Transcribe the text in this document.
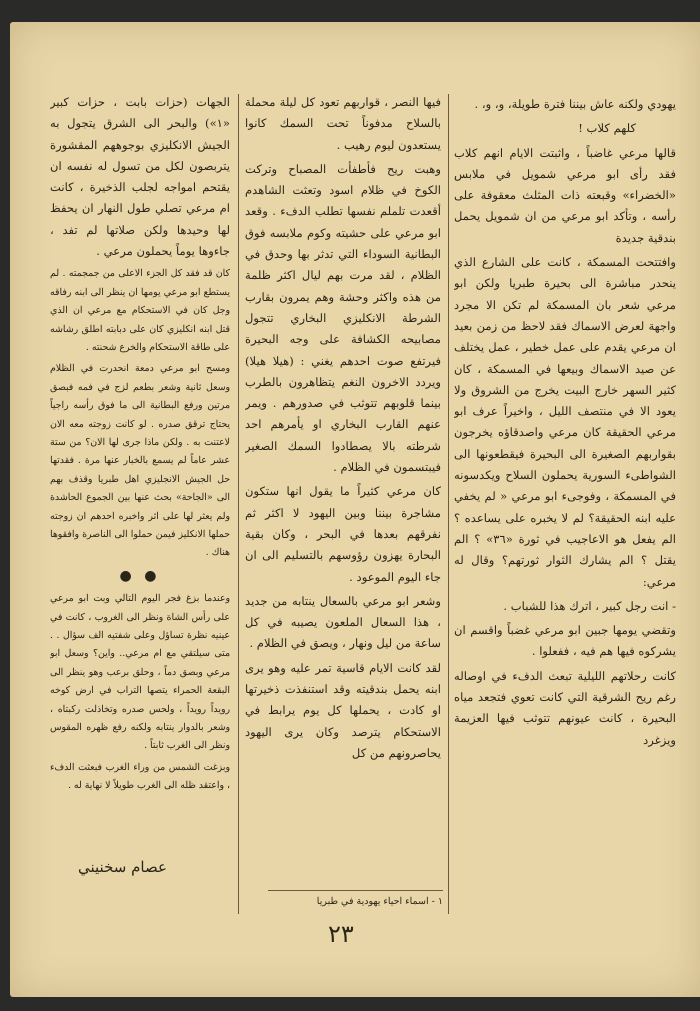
يهودي ولكنه عاش بيننا فترة طويلة، و، و، .

كلهم كلاب !

قالها مرعي غاضباً ، واثبتت الايام انهم كلاب فقد رأى ابو مرعي شمويل في ملابس «الخضراء» وقبعته ذات المثلث معقوفة على رأسه ، وتأكد ابو مرعي من ان شمويل يحمل بندقية جديدة

وافتتحت المسمكة ، كانت على الشارع الذي ينحدر مباشرة الى بحيرة طبريا ولكن ابو مرعي شعر بان المسمكة لم تكن الا مجرد واجهة لعرض الاسماك فقد لاحظ من زمن بعيد ان مرعي يقدم على عمل خطير ، عمل يختلف عن صيد الاسماك وبيعها في المسمكة ، كان كثير السهر خارج البيت يخرج من الشروق ولا يعود الا في منتصف الليل ، واخيراً عرف ابو مرعي الحقيقة كان مرعي واصدقاؤه يخرجون بقواربهم الصغيرة الى البحيرة فيقطعونها الى الشواطىء السورية يحملون السلاح ويكدسونه في المسمكة ، وفوجىء ابو مرعي « لم يخفي عليه ابنه الحقيقة؟ لم لا يخبره على يساعده ؟ الم يفعل هو الاعاجيب في ثورة «٣٦» ؟ الم يقتل ؟ الم يشارك الثوار ثورتهم؟ وقال له مرعي:

- انت رجل كبير ، اترك هذا للشباب .

وتقضي يومها جبين ابو مرعي غضباً واقسم ان يشركوه فيها هم فيه ، ففعلوا .

كانت رحلاتهم الليلية تبعث الدفء في اوصاله رغم ريح الشرقية التي كانت تعوي فتجعد مياه البحيرة ، كانت عيونهم تتوثب فيها العزيمة ويزغرد

فيها النصر ، قواربهم تعود كل ليلة محملة بالسلاح مدفوناً تحت السمك كانوا يستعدون ليوم رهيب .

وهبت ريح فأطفأت المصباح وتركت الكوخ في ظلام اسود وتعثت الشاهدم أقعدت تلملم نفسها تطلب الدفء . وقعد ابو مرعي على حشيته وكوم ملابسه فوق البطانية السوداء التي تدثر بها وحدق في الظلام ، لقد مرت بهم ليال اكثر ظلمة من هذه واكثر وحشة وهم يمرون بقارب الشرطة الانكليزي البخاري تتجول مصابيحه الكشافة على وجه البحيرة فيرتفع صوت احدهم يغني : (هيلا هيلا) ويردد الاخرون النغم يتظاهرون بالطرب بينما قلوبهم تتوثب في صدورهم . ويمر عنهم القارب البخاري او يأمرهم احد شرطته بالا يصطادوا السمك الصغير فيبتسمون في الظلام .

كان مرعي كثيراً ما يقول انها ستكون مشاجرة بيننا وبين اليهود لا اكثر ثم نفرقهم بعدها في البحر ، وكان بقية البحارة يهزون رؤوسهم بالتسليم الى ان جاء اليوم الموعود .

وشعر ابو مرعي بالسعال ينتابه من جديد ، هذا السعال الملعون يصيبه في كل ساعة من ليل ونهار ، ويصق في الظلام .

لقد كانت الايام قاسية تمر عليه وهو يرى ابنه يحمل بندقيته وقد استنفذت ذخيرتها او كادت ، يحملها كل يوم يرابط في الاستحكام يترصد وكان يرى اليهود يحاصرونهم من كل

١ - اسماء احياء يهودية في طبريا

الجهات (حزات بابت ، حزات كبير «١») والبحر الى الشرق يتجول به الجيش الانكليزي بوجوههم المقشورة يتربصون لكل من تسول له نفسه ان يقتحم امواجه لجلب الذخيرة ، كانت ام مرعي تصلي طول النهار ان يحفظ لها وحيدها ولكن صلاتها لم تفد ، جاءوها يوماً يحملون مرعي .

كان قد فقد كل الجزء الاعلى من جمجمته . لم يستطع ابو مرعي يومها ان ينظر الى ابنه رفاقه وجل كان في الاستحكام مع مرعي ان الذي قتل ابنه انكليزي كان على دبابته اطلق رشاشه على طاقة الاستحكام والخرع شحنته .

ومسح ابو مرعي دمعة انحدرت في الظلام وسعل ثانية وشعر بطعم لزج في فمه فبصق مرتين ورفع البطانية الى ما فوق رأسه راجياً يحتاج ترقق صدره . لو كانت زوجته معه الان لاعتنت به . ولكن ماذا جرى لها الان؟ من ستة عشر عاماً لم يسمع بالخبار عنها مرة . فقدتها حل الجيش الانجليزي اهل طبريا وقذف بهم الى «الجاحة» بحث عنها بين الجموع الحاشدة ولم يعثر لها على اثر واخبره احدهم ان زوجته حملها الانكليز فيمن حملوا الى الناصرة وافقوها هناك .

● ●

وعندما بزغ فجر اليوم التالي وبت ابو مرعي على رأس الشاة ونظر الى الغروب ، كانت في عينيه نظرة تساؤل وعلى شفتيه الف سؤال . . متى سيلتقي مع ام مرعي.. واين؟ وسعل ابو مرعي وبصق دماً ، وحلق برعب وهو ينظر الى البقعة الحمراء يتصها التراب في ارض كوخه رويداً رويداً ، ولحس صدره وتخاذلت ركبتاه ، وشعر بالدوار ينتابه ولكنه رفع ظهره المقوس ونظر الى الغرب ثابتاً .

وبزغت الشمس من وراء الغرب فبعثت الدفء ، واعتقد ظله الى الغرب طويلاً لا نهاية له .

عصام سخنيني
٢٣
